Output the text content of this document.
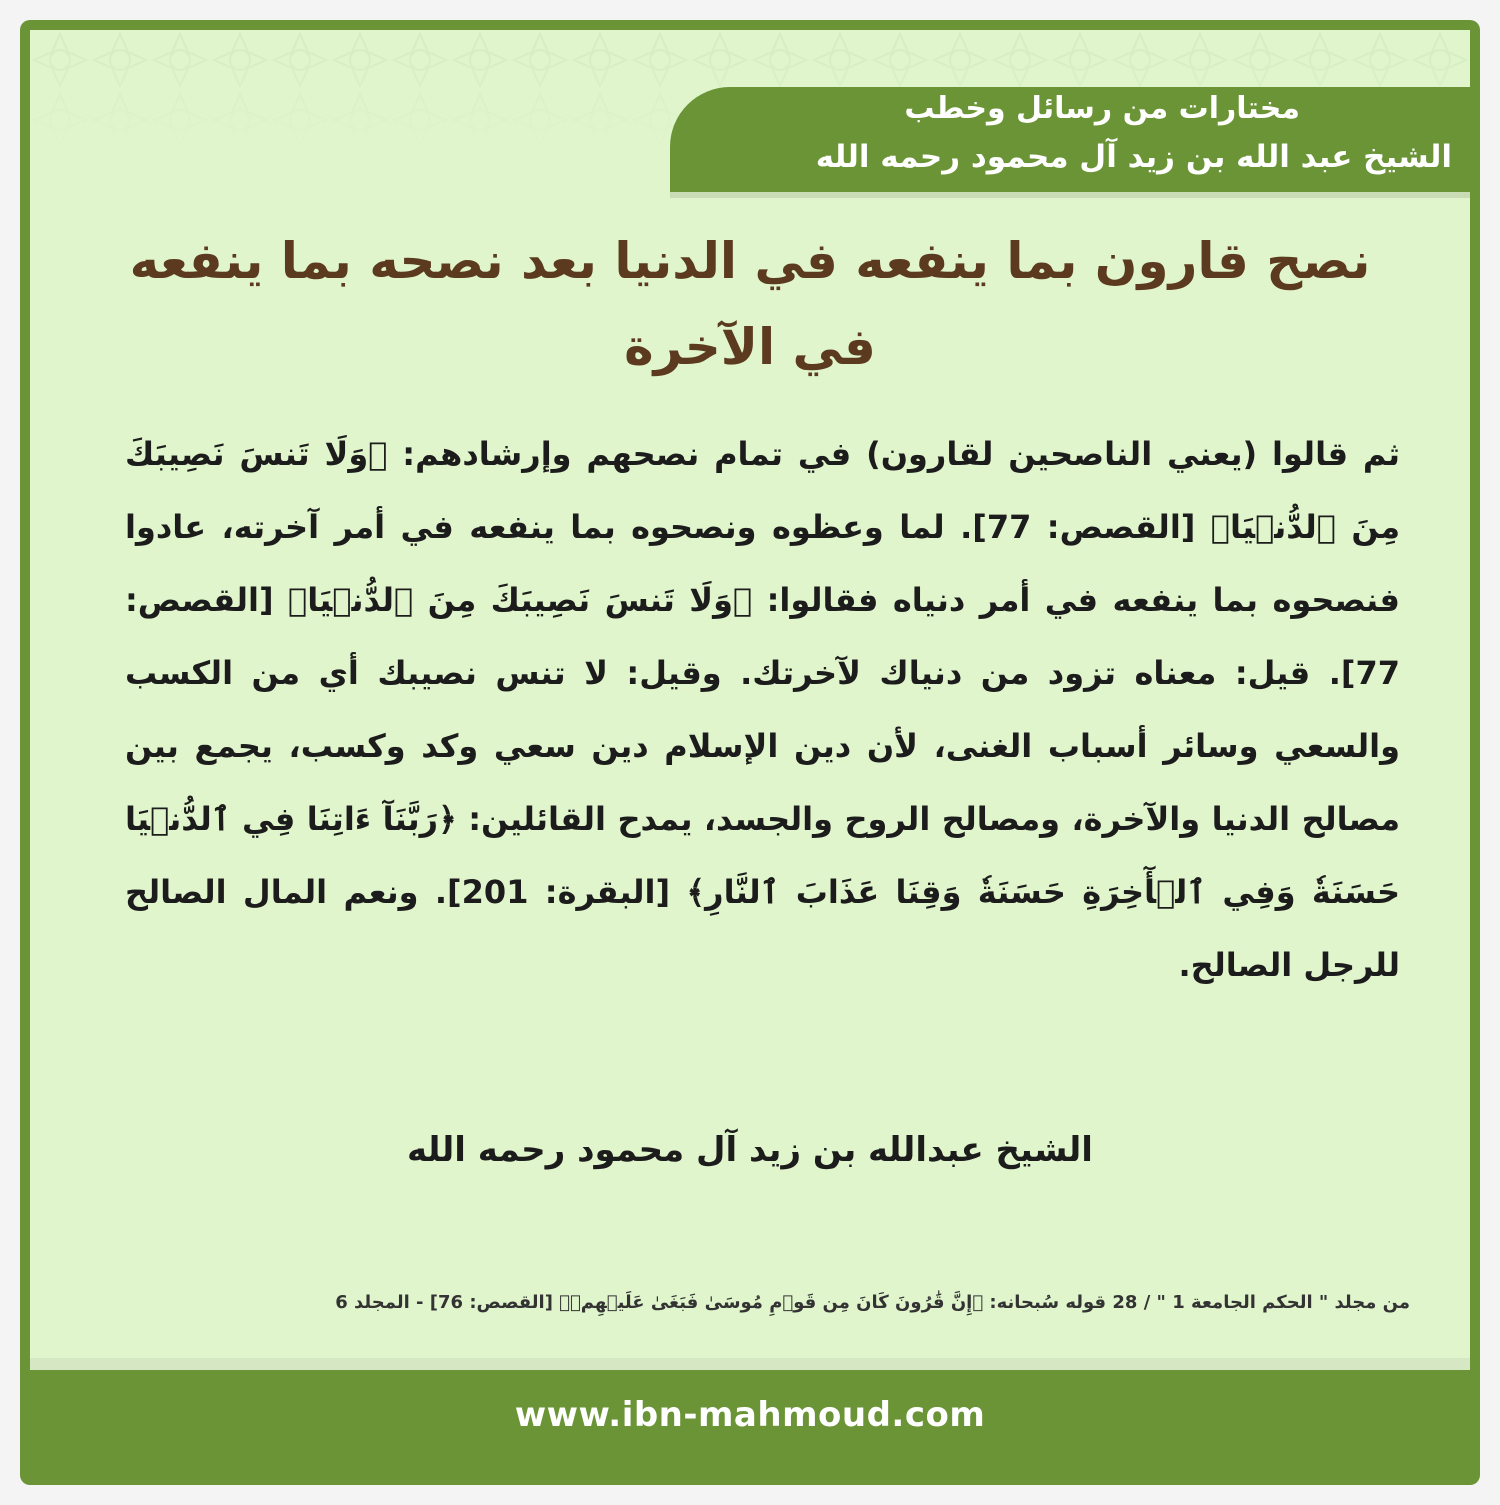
مختارات من رسائل وخطب
الشيخ عبد الله بن زيد آل محمود رحمه الله
نصح قارون بما ينفعه في الدنيا بعد نصحه بما ينفعه في الآخرة
ثم قالوا (يعني الناصحين لقارون) في تمام نصحهم وإرشادهم: ﴿وَلَا تَنسَ نَصِيبَكَ مِنَ ٱلدُّنۡيَا﴾ [القصص: 77]. لما وعظوه ونصحوه بما ينفعه في أمر آخرته، عادوا فنصحوه بما ينفعه في أمر دنياه فقالوا: ﴿وَلَا تَنسَ نَصِيبَكَ مِنَ ٱلدُّنۡيَا﴾ [القصص: 77]. قيل: معناه تزود من دنياك لآخرتك. وقيل: لا تنس نصيبك أي من الكسب والسعي وسائر أسباب الغنى، لأن دين الإسلام دين سعي وكد وكسب، يجمع بين مصالح الدنيا والآخرة، ومصالح الروح والجسد، يمدح القائلين: ﴿رَبَّنَآ ءَاتِنَا فِي ٱلدُّنۡيَا حَسَنَةٗ وَفِي ٱلۡأٓخِرَةِ حَسَنَةٗ وَقِنَا عَذَابَ ٱلنَّارِ﴾ [البقرة: 201]. ونعم المال الصالح للرجل الصالح.
الشيخ عبدالله بن زيد آل محمود رحمه الله
من مجلد " الحكم الجامعة 1 " / 28 قوله سُبحانه: ﴿إِنَّ قَٰرُونَ كَانَ مِن قَوۡمِ مُوسَىٰ فَبَغَىٰ عَلَيۡهِمۡ﴾ [القصص: 76] - المجلد 6
www.ibn-mahmoud.com
